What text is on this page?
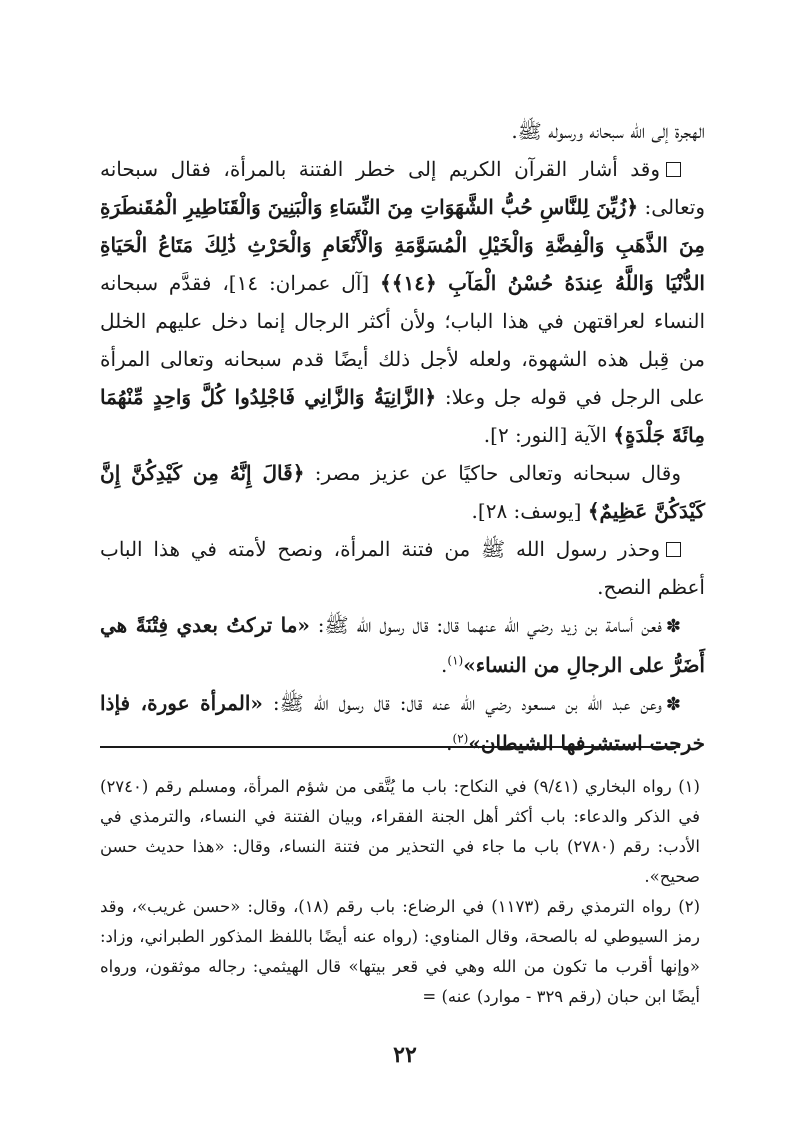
الهجرة إلى الله سبحانه ورسوله ﷺ.

وقد أشار القرآن الكريم إلى خطر الفتنة بالمرأة، فقال سبحانه وتعالى: ﴿زُيِّنَ لِلنَّاسِ حُبُّ الشَّهَوَاتِ مِنَ النِّسَاءِ وَالْبَنِينَ وَالْقَنَاطِيرِ الْمُقَنطَرَةِ مِنَ الذَّهَبِ وَالْفِضَّةِ وَالْخَيْلِ الْمُسَوَّمَةِ وَالْأَنْعَامِ وَالْحَرْثِ ذَٰلِكَ مَتَاعُ الْحَيَاةِ الدُّنْيَا وَاللَّهُ عِندَهُ حُسْنُ الْمَآبِ ﴿١٤﴾﴾ [آل عمران: ١٤]، فقدَّم سبحانه النساء لعراقتهن في هذا الباب؛ ولأن أكثر الرجال إنما دخل عليهم الخلل من قِبل هذه الشهوة، ولعله لأجل ذلك أيضًا قدم سبحانه وتعالى المرأة على الرجل في قوله جل وعلا: ﴿الزَّانِيَةُ وَالزَّانِي فَاجْلِدُوا كُلَّ وَاحِدٍ مِّنْهُمَا مِائَةَ جَلْدَةٍ﴾ الآية [النور: ٢].

وقال سبحانه وتعالى حاكيًا عن عزيز مصر: ﴿قَالَ إِنَّهُ مِن كَيْدِكُنَّ إِنَّ كَيْدَكُنَّ عَظِيمٌ﴾ [يوسف: ٢٨].

وحذر رسول الله ﷺ من فتنة المرأة، ونصح لأمته في هذا الباب أعظم النصح.

✽فعن أسامة بن زيد رضي الله عنهما قال: قال رسول الله ﷺ: «ما تركتُ بعدي فِتْنَةً هي أَضَرُّ على الرجالِ من النساء»$^{(١)}$.

✽وعن عبد الله بن مسعود رضي الله عنه قال: قال رسول الله ﷺ: «المرأة عورة، فإذا خرجت استشرفها الشيطان»$^{(٢)}$.

(١) رواه البخاري (٩/٤١) في النكاح: باب ما يُتَّقى من شؤم المرأة، ومسلم رقم (٢٧٤٠) في الذكر والدعاء: باب أكثر أهل الجنة الفقراء، وبيان الفتنة في النساء، والترمذي في الأدب: رقم (٢٧٨٠) باب ما جاء في التحذير من فتنة النساء، وقال: «هذا حديث حسن صحيح».

(٢) رواه الترمذي رقم (١١٧٣) في الرضاع: باب رقم (١٨)، وقال: «حسن غريب»، وقد رمز السيوطي له بالصحة، وقال المناوي: (رواه عنه أيضًا باللفظ المذكور الطبراني، وزاد: «وإنها أقرب ما تكون من الله وهي في قعر بيتها» قال الهيثمي: رجاله موثقون، ورواه أيضًا ابن حبان (رقم ٣٢٩ - موارد) عنه) =

٢٢
